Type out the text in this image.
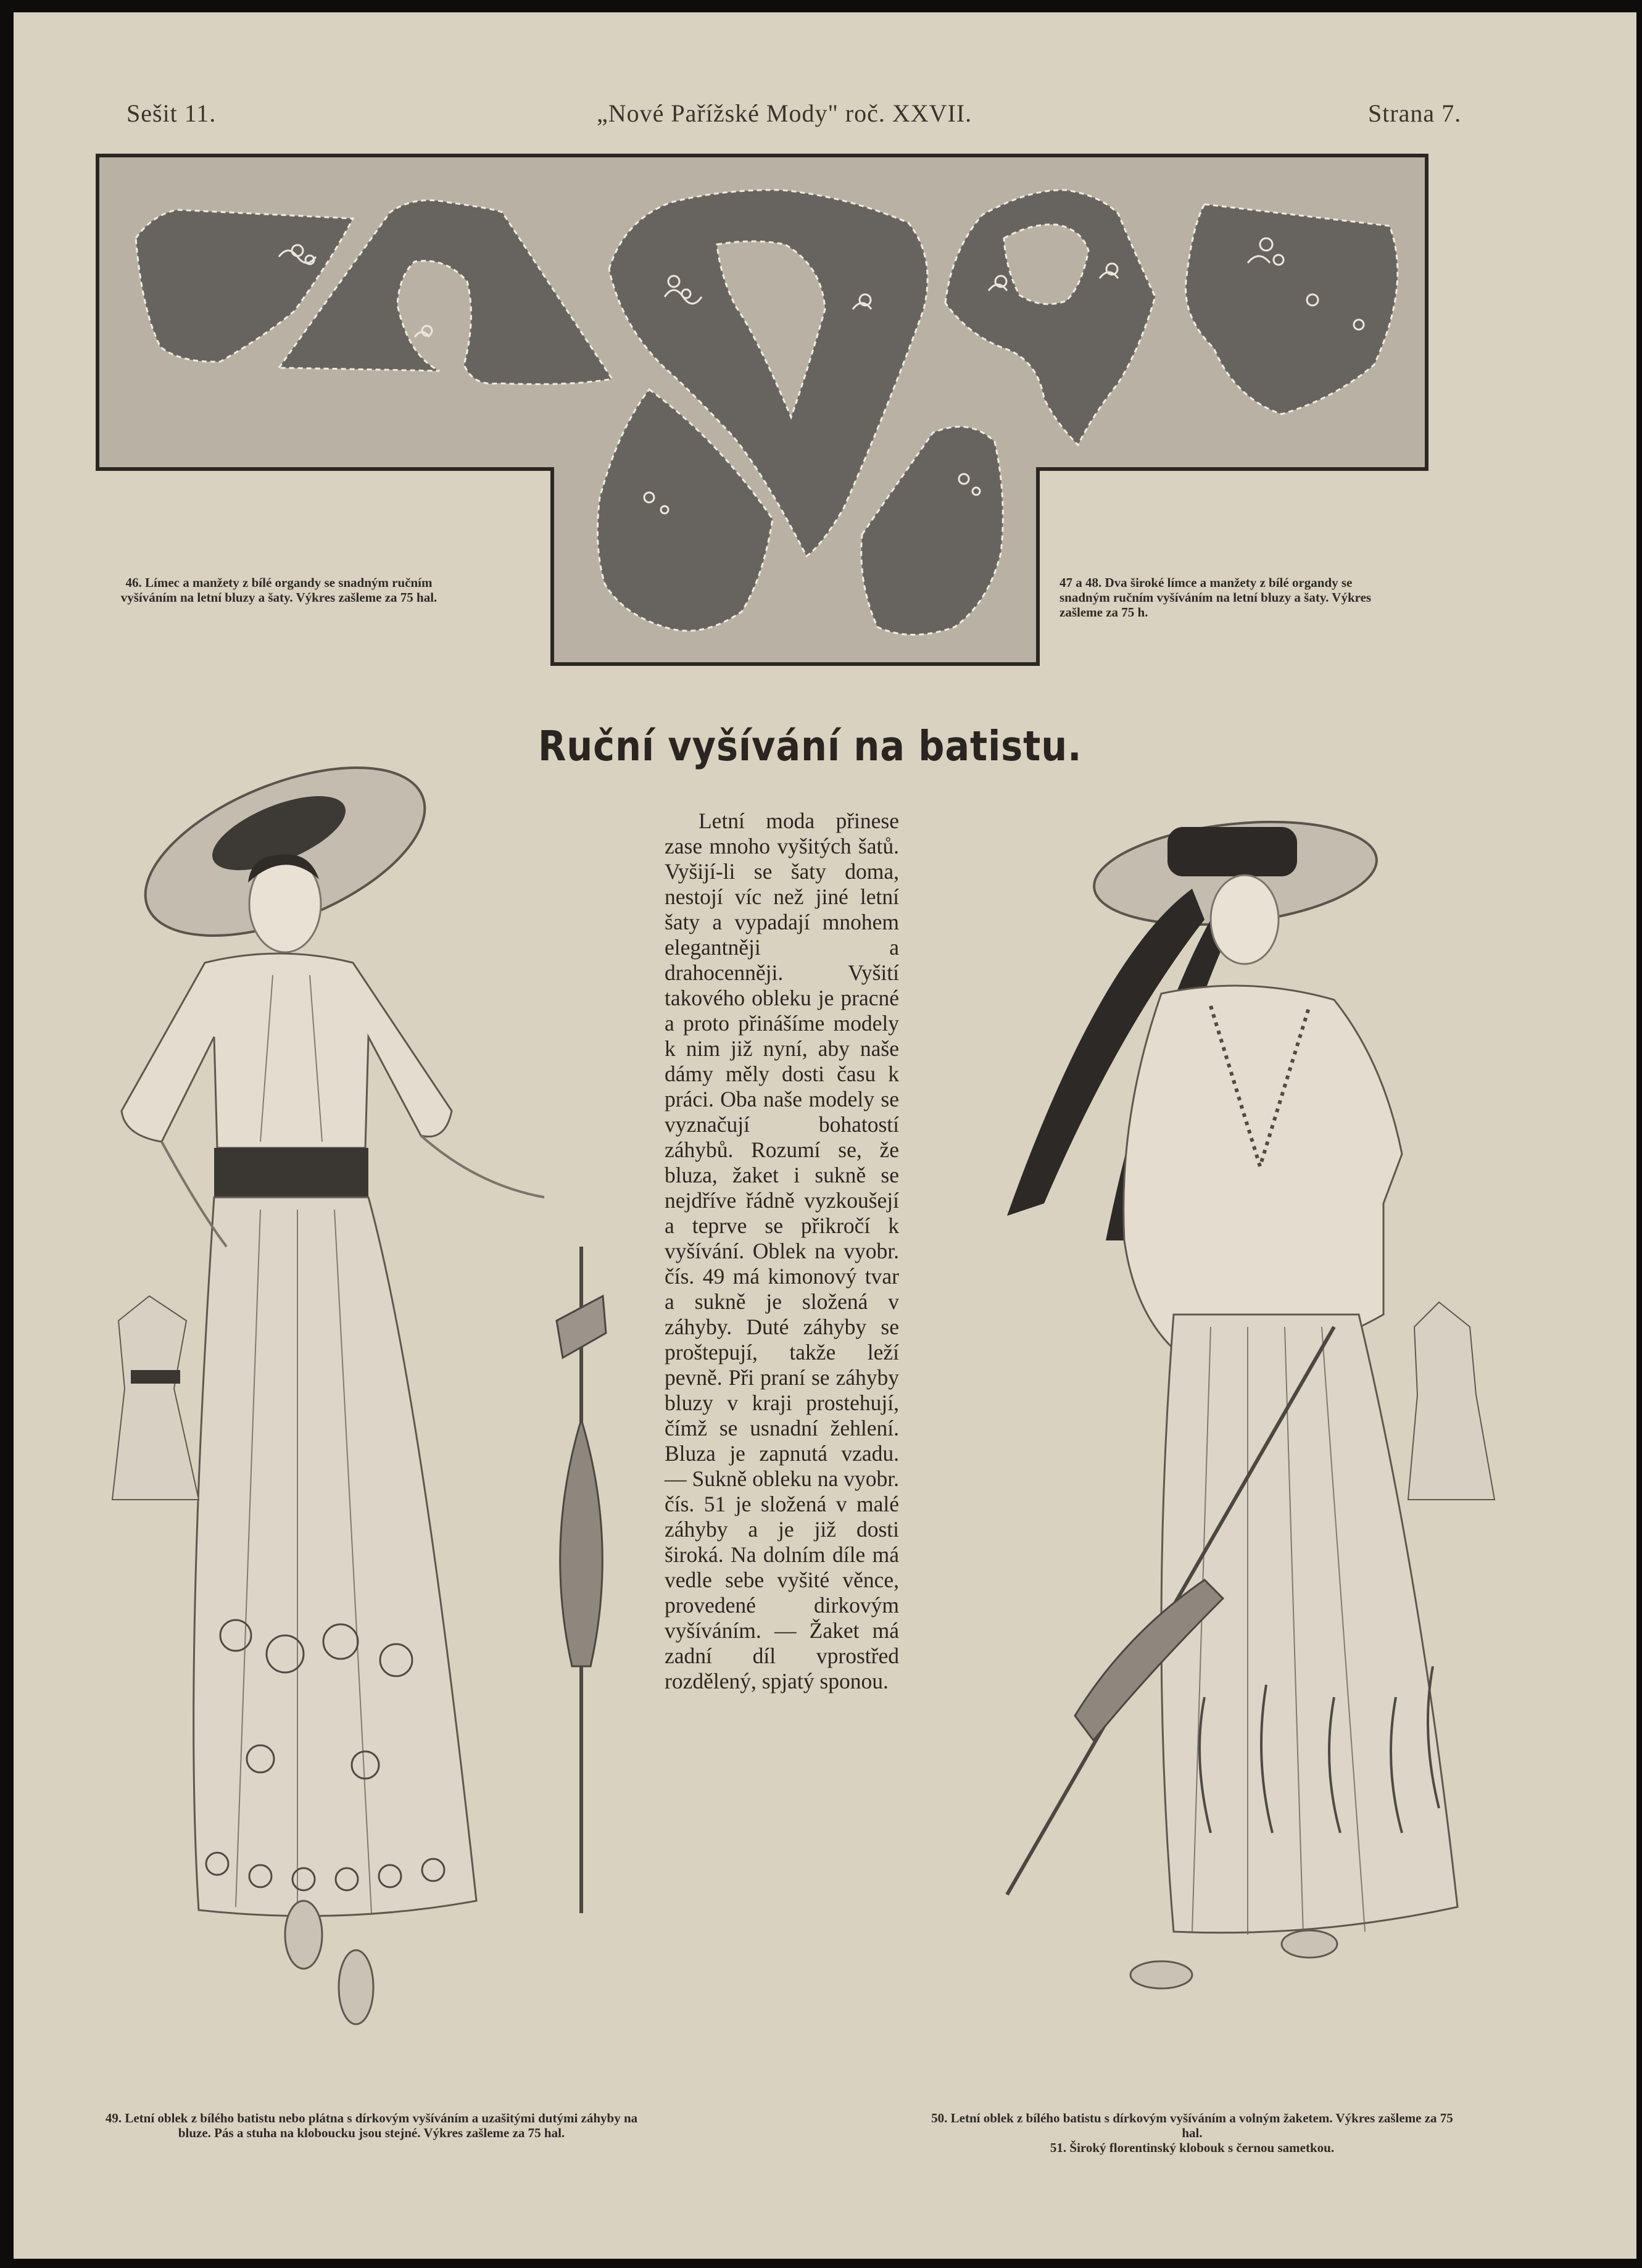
Sešit 11.	„Nové Pařížské Mody" roč. XXVII.	Strana 7.
46. Límec a manžety z bílé organdy se snadným ručním vyšíváním na letní bluzy a šaty. Výkres zašleme za 75 hal.
47 a 48. Dva široké límce a manžety z bílé organdy se snadným ručním vyšíváním na letní bluzy a šaty. Výkres zašleme za 75 h.
Ruční vyšívání na batistu.

Letní moda přinese zase mnoho vyšitých šatů. Vyšijí-li se šaty doma, nestojí víc než jiné letní šaty a vypadají mnohem elegantněji a drahocenněji. Vyšití takového obleku je pracné a proto přinášíme modely k nim již nyní, aby naše dámy měly dosti času k práci. Oba naše modely se vyznačují bohatostí záhybů. Rozumí se, že bluza, žaket i sukně se nejdříve řádně vyzkoušejí a teprve se přikročí k vyšívání. Oblek na vyobr. čís. 49 má kimonový tvar a sukně je složená v záhyby. Duté záhyby se proštepují, takže leží pevně. Při praní se záhyby bluzy v kraji prostehují, čímž se usnadní žehlení. Bluza je zapnutá vzadu. — Sukně obleku na vyobr. čís. 51 je složená v malé záhyby a je již dosti široká. Na dolním díle má vedle sebe vyšité věnce, provedené dirkovým vyšíváním. — Žaket má zadní díl vprostřed rozdělený, spjatý sponou.

49. Letní oblek z bílého batistu nebo plátna s dírkovým vyšíváním a uzašitými dutými záhyby na bluze. Pás a stuha na kloboucku jsou stejné. Výkres zašleme za 75 hal.
50. Letní oblek z bílého batistu s dírkovým vyšíváním a volným žaketem. Výkres zašleme za 75 hal.
51. Široký florentinský klobouk s černou sametkou.
